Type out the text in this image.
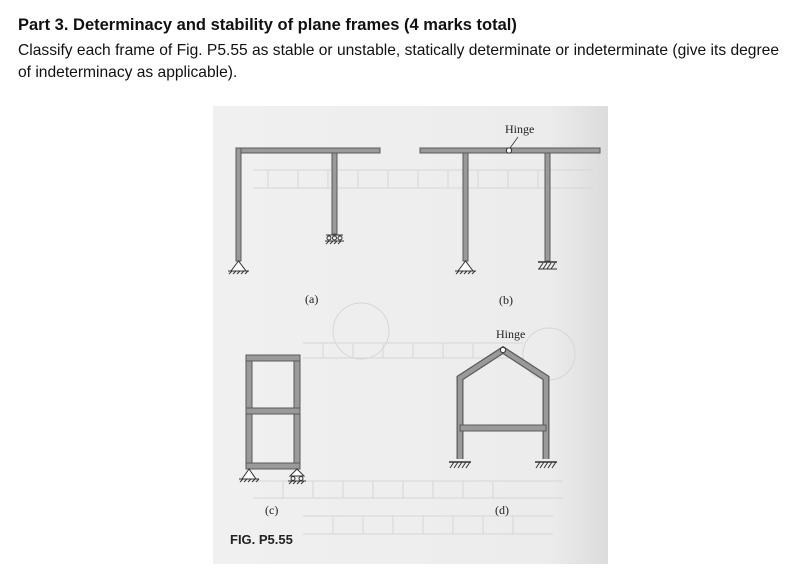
Part 3. Determinacy and stability of plane frames (4 marks total)

Classify each frame of Fig. P5.55 as stable or unstable, statically determinate or indeterminate (give its degree of indeterminacy as applicable).

(a)
Hinge
(b)
(c)
Hinge
(d)
FIG. P5.55
